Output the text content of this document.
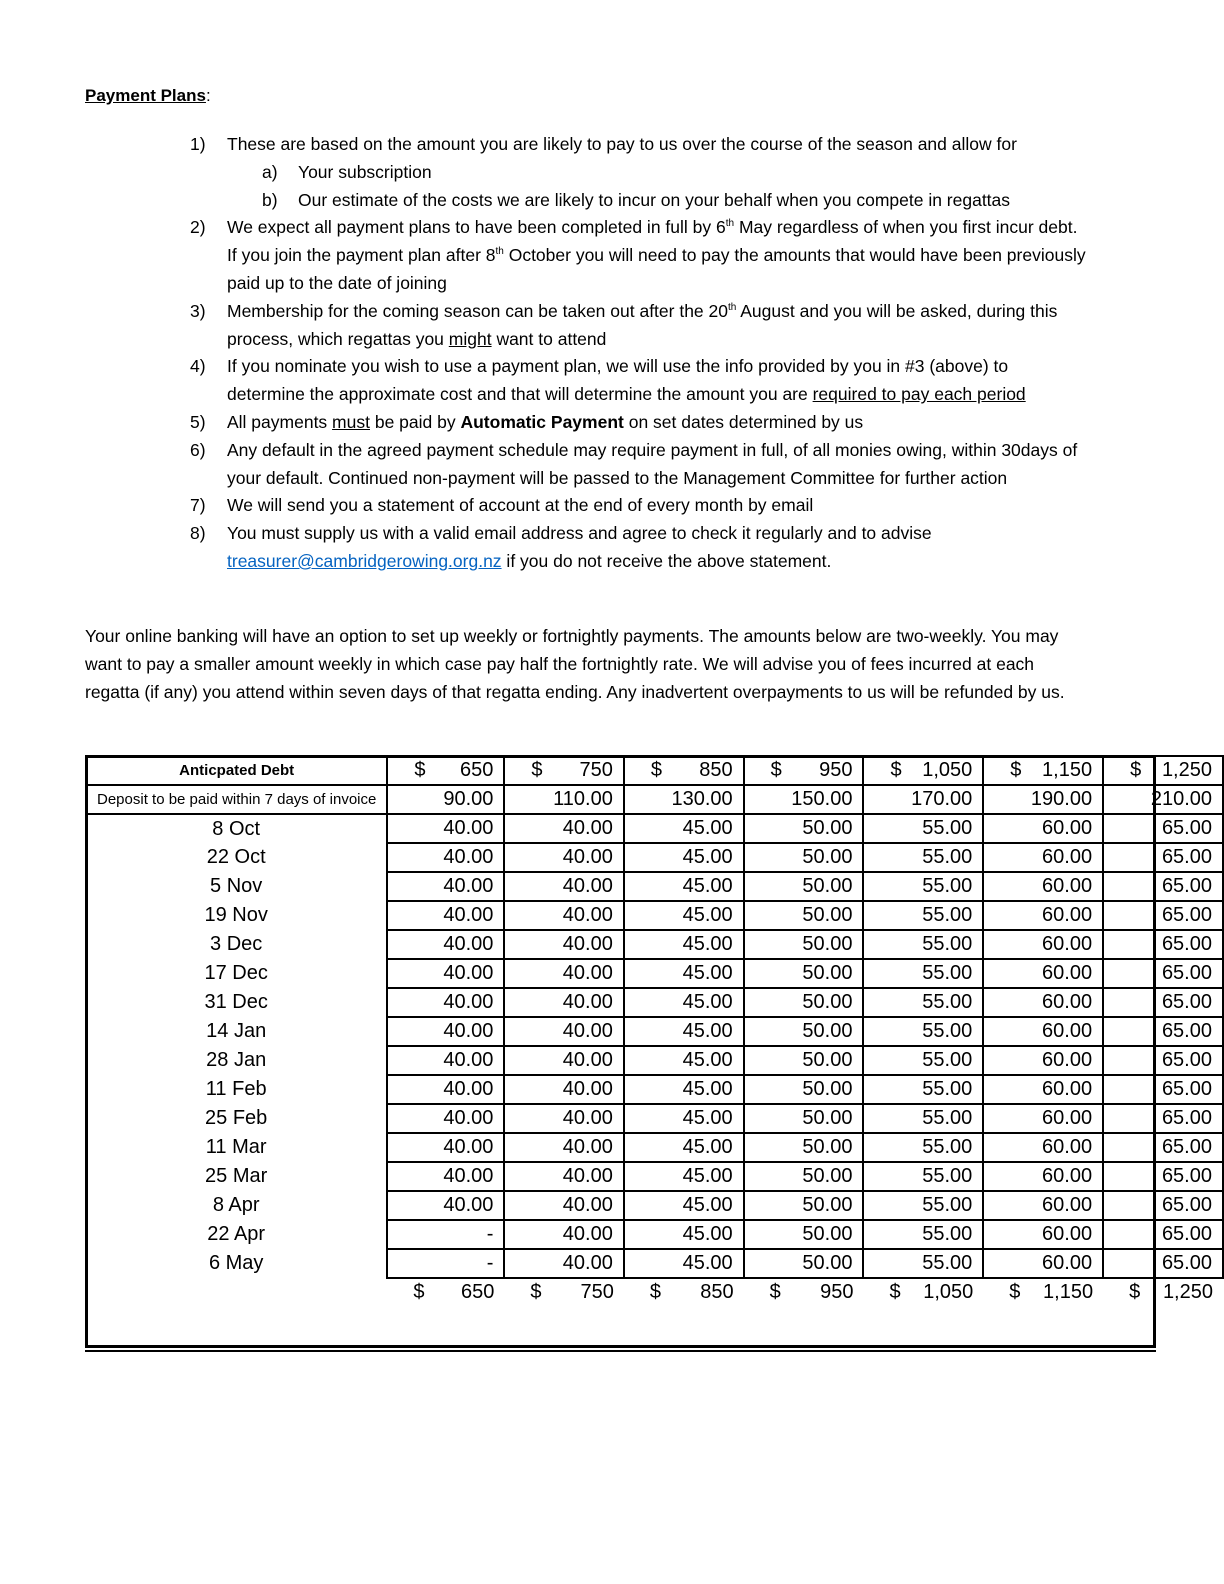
Payment Plans:
1)	These are based on the amount you are likely to pay to us over the course of the season and allow for
a)	Your subscription
b)	Our estimate of the costs we are likely to incur on your behalf when you compete in regattas
2)	We expect all payment plans to have been completed in full by 6th May regardless of when you first incur debt. If you join the payment plan after 8th October you will need to pay the amounts that would have been previously paid up to the date of joining
3)	Membership for the coming season can be taken out after the 20th August and you will be asked, during this process, which regattas you might want to attend
4)	If you nominate you wish to use a payment plan, we will use the info provided by you in #3 (above) to determine the approximate cost and that will determine the amount you are required to pay each period
5)	All payments must be paid by Automatic Payment on set dates determined by us
6)	Any default in the agreed payment schedule may require payment in full, of all monies owing, within 30days of your default. Continued non-payment will be passed to the Management Committee for further action
7)	We will send you a statement of account at the end of every month by email
8)	You must supply us with a valid email address and agree to check it regularly and to advise treasurer@cambridgerowing.org.nz if you do not receive the above statement.
Your online banking will have an option to set up weekly or fortnightly payments. The amounts below are two-weekly. You may want to pay a smaller amount weekly in which case pay half the fortnightly rate. We will advise you of fees incurred at each regatta (if any) you attend within seven days of that regatta ending. Any inadvertent overpayments to us will be refunded by us.
Anticpated Debt	$ 650	$ 750	$ 850	$ 950	$ 1,050	$ 1,150	$ 1,250
Deposit to be paid within 7 days of invoice	90.00	110.00	130.00	150.00	170.00	190.00	210.00
8 Oct	40.00	40.00	45.00	50.00	55.00	60.00	65.00
22 Oct	40.00	40.00	45.00	50.00	55.00	60.00	65.00
5 Nov	40.00	40.00	45.00	50.00	55.00	60.00	65.00
19 Nov	40.00	40.00	45.00	50.00	55.00	60.00	65.00
3 Dec	40.00	40.00	45.00	50.00	55.00	60.00	65.00
17 Dec	40.00	40.00	45.00	50.00	55.00	60.00	65.00
31 Dec	40.00	40.00	45.00	50.00	55.00	60.00	65.00
14 Jan	40.00	40.00	45.00	50.00	55.00	60.00	65.00
28 Jan	40.00	40.00	45.00	50.00	55.00	60.00	65.00
11 Feb	40.00	40.00	45.00	50.00	55.00	60.00	65.00
25 Feb	40.00	40.00	45.00	50.00	55.00	60.00	65.00
11 Mar	40.00	40.00	45.00	50.00	55.00	60.00	65.00
25 Mar	40.00	40.00	45.00	50.00	55.00	60.00	65.00
8 Apr	40.00	40.00	45.00	50.00	55.00	60.00	65.00
22 Apr	-	40.00	45.00	50.00	55.00	60.00	65.00
6 May	-	40.00	45.00	50.00	55.00	60.00	65.00

	$ 650	$ 750	$ 850	$ 950	$ 1,050	$ 1,150	$ 1,250
